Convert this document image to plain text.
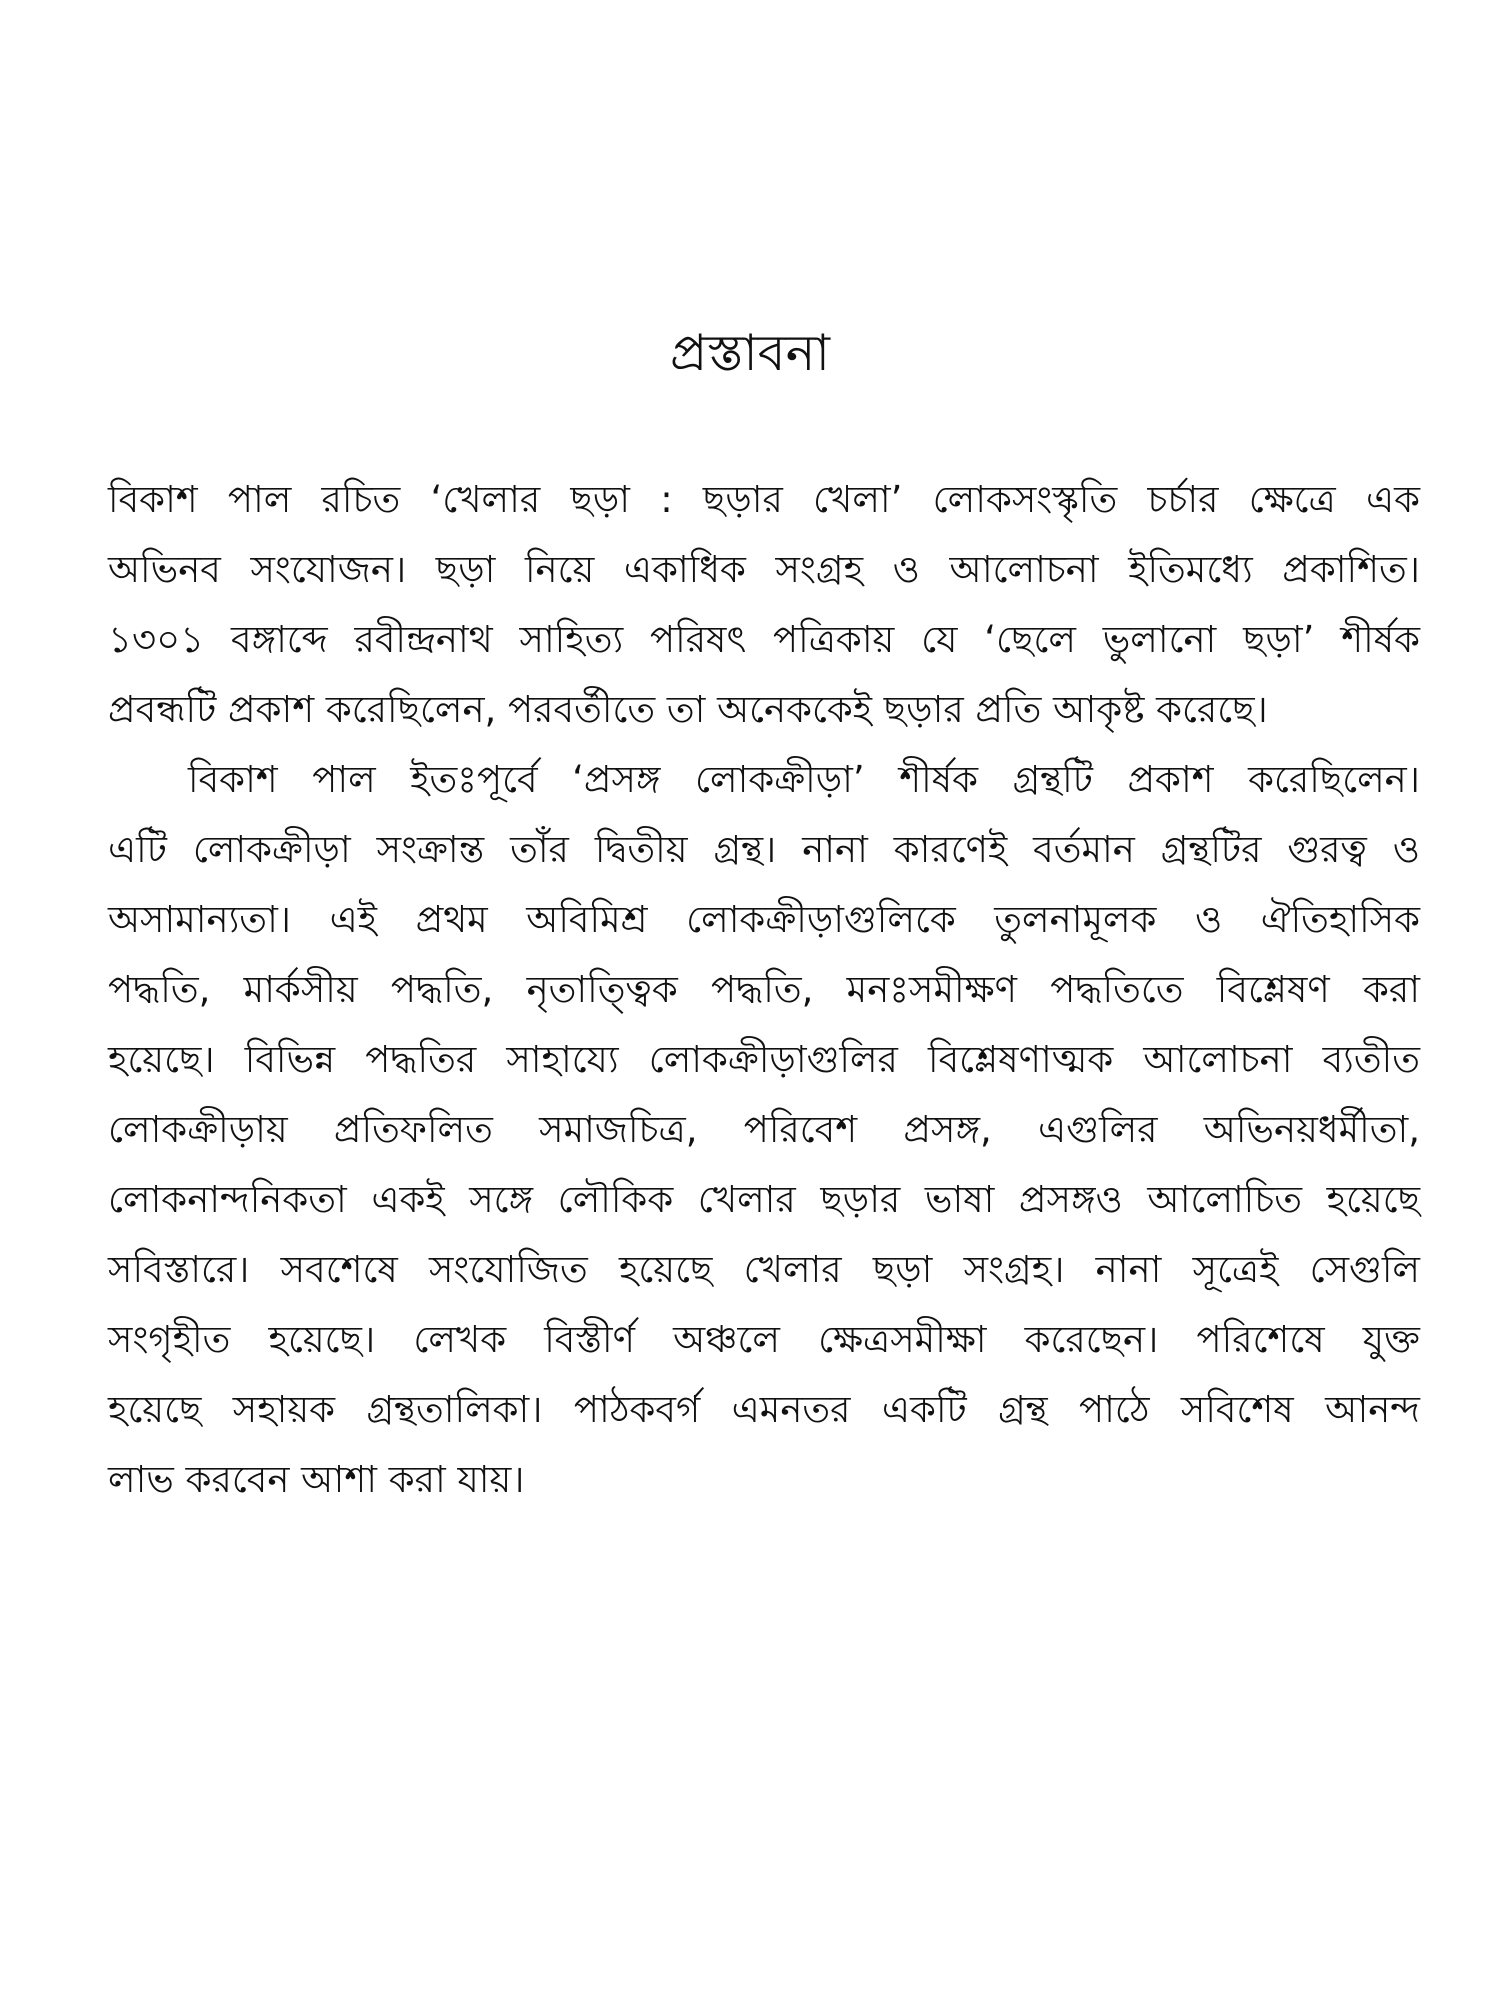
প্রস্তাবনা
বিকাশ পাল রচিত ‘খেলার ছড়া : ছড়ার খেলা’ লোকসংস্কৃতি চর্চার ক্ষেত্রে এক
অভিনব সংযোজন। ছড়া নিয়ে একাধিক সংগ্রহ ও আলোচনা ইতিমধ্যে প্রকাশিত।
১৩০১ বঙ্গাব্দে রবীন্দ্রনাথ সাহিত্য পরিষৎ পত্রিকায় যে ‘ছেলে ভুলানো ছড়া’ শীর্ষক
প্রবন্ধটি প্রকাশ করেছিলেন, পরবর্তীতে তা অনেককেই ছড়ার প্রতি আকৃষ্ট করেছে।
বিকাশ পাল ইতঃপূর্বে ‘প্রসঙ্গ লোকক্রীড়া’ শীর্ষক গ্রন্থটি প্রকাশ করেছিলেন।
এটি লোকক্রীড়া সংক্রান্ত তাঁর দ্বিতীয় গ্রন্থ। নানা কারণেই বর্তমান গ্রন্থটির গুরত্ব ও
অসামান্যতা। এই প্রথম অবিমিশ্র লোকক্রীড়াগুলিকে তুলনামূলক ও ঐতিহাসিক
পদ্ধতি, মার্কসীয় পদ্ধতি, নৃতাত্ত্বিক পদ্ধতি, মনঃসমীক্ষণ পদ্ধতিতে বিশ্লেষণ করা
হয়েছে। বিভিন্ন পদ্ধতির সাহায্যে লোকক্রীড়াগুলির বিশ্লেষণাত্মক আলোচনা ব্যতীত
লোকক্রীড়ায় প্রতিফলিত সমাজচিত্র, পরিবেশ প্রসঙ্গ, এগুলির অভিনয়ধর্মীতা,
লোকনান্দনিকতা একই সঙ্গে লৌকিক খেলার ছড়ার ভাষা প্রসঙ্গও আলোচিত হয়েছে
সবিস্তারে। সবশেষে সংযোজিত হয়েছে খেলার ছড়া সংগ্রহ। নানা সূত্রেই সেগুলি
সংগৃহীত হয়েছে। লেখক বিস্তীর্ণ অঞ্চলে ক্ষেত্রসমীক্ষা করেছেন। পরিশেষে যুক্ত
হয়েছে সহায়ক গ্রন্থতালিকা। পাঠকবর্গ এমনতর একটি গ্রন্থ পাঠে সবিশেষ আনন্দ
লাভ করবেন আশা করা যায়।
